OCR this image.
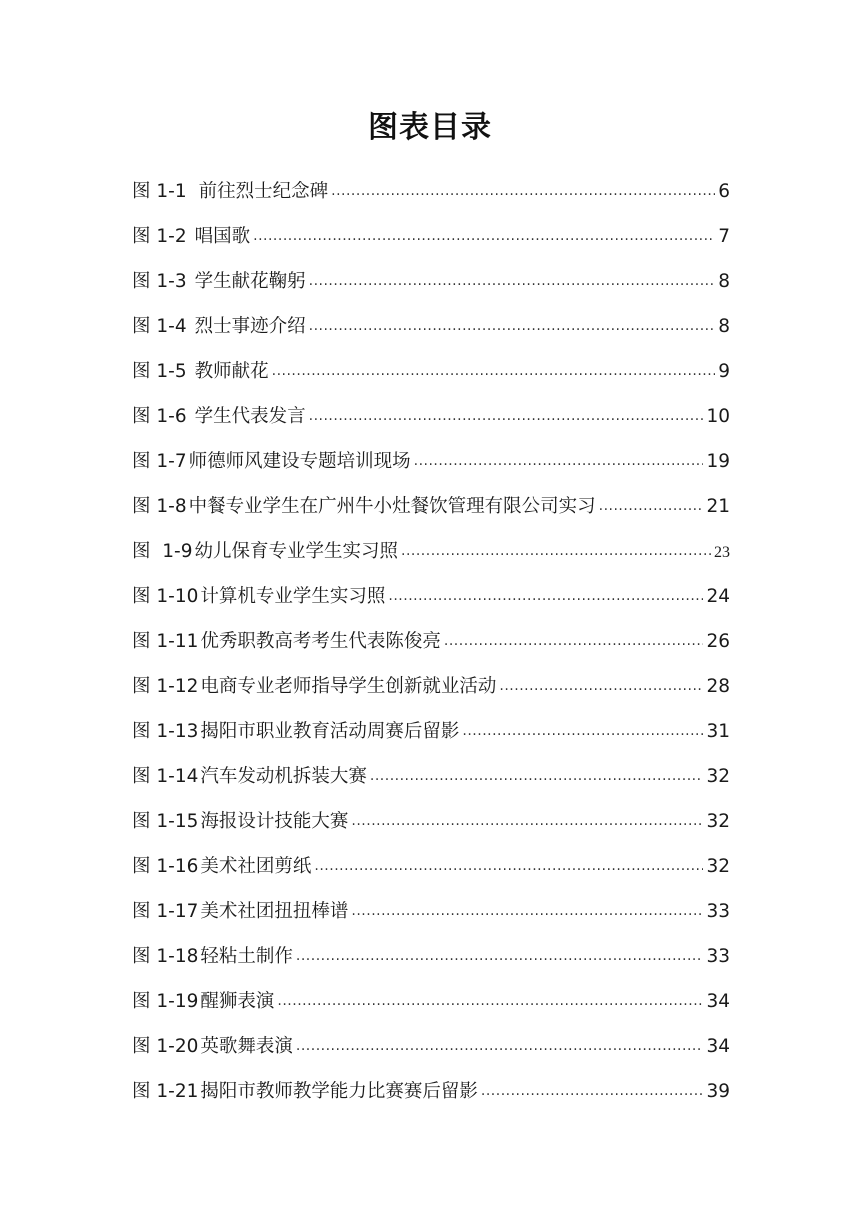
图表目录
图 1-1 前往烈士纪念碑 .....	6
图 1-2 唱国歌 .....	7
图 1-3 学生献花鞠躬 .....	8
图 1-4 烈士事迹介绍 .....	8
图 1-5 教师献花 .....	9
图 1-6 学生代表发言 .....	10
图 1-7 师德师风建设专题培训现场 .....	19
图 1-8 中餐专业学生在广州牛小灶餐饮管理有限公司实习 .....	21
图  1-9 幼儿保育专业学生实习照 .....	23
图 1-10 计算机专业学生实习照 .....	24
图 1-11 优秀职教高考考生代表陈俊亮 .....	26
图 1-12 电商专业老师指导学生创新就业活动 .....	28
图 1-13 揭阳市职业教育活动周赛后留影 .....	31
图 1-14 汽车发动机拆装大赛 .....	32
图 1-15 海报设计技能大赛 .....	32
图 1-16 美术社团剪纸 .....	32
图 1-17 美术社团扭扭棒谱 .....	33
图 1-18 轻粘土制作 .....	33
图 1-19 醒狮表演 .....	34
图 1-20 英歌舞表演 .....	34
图 1-21 揭阳市教师教学能力比赛赛后留影 .....	39
